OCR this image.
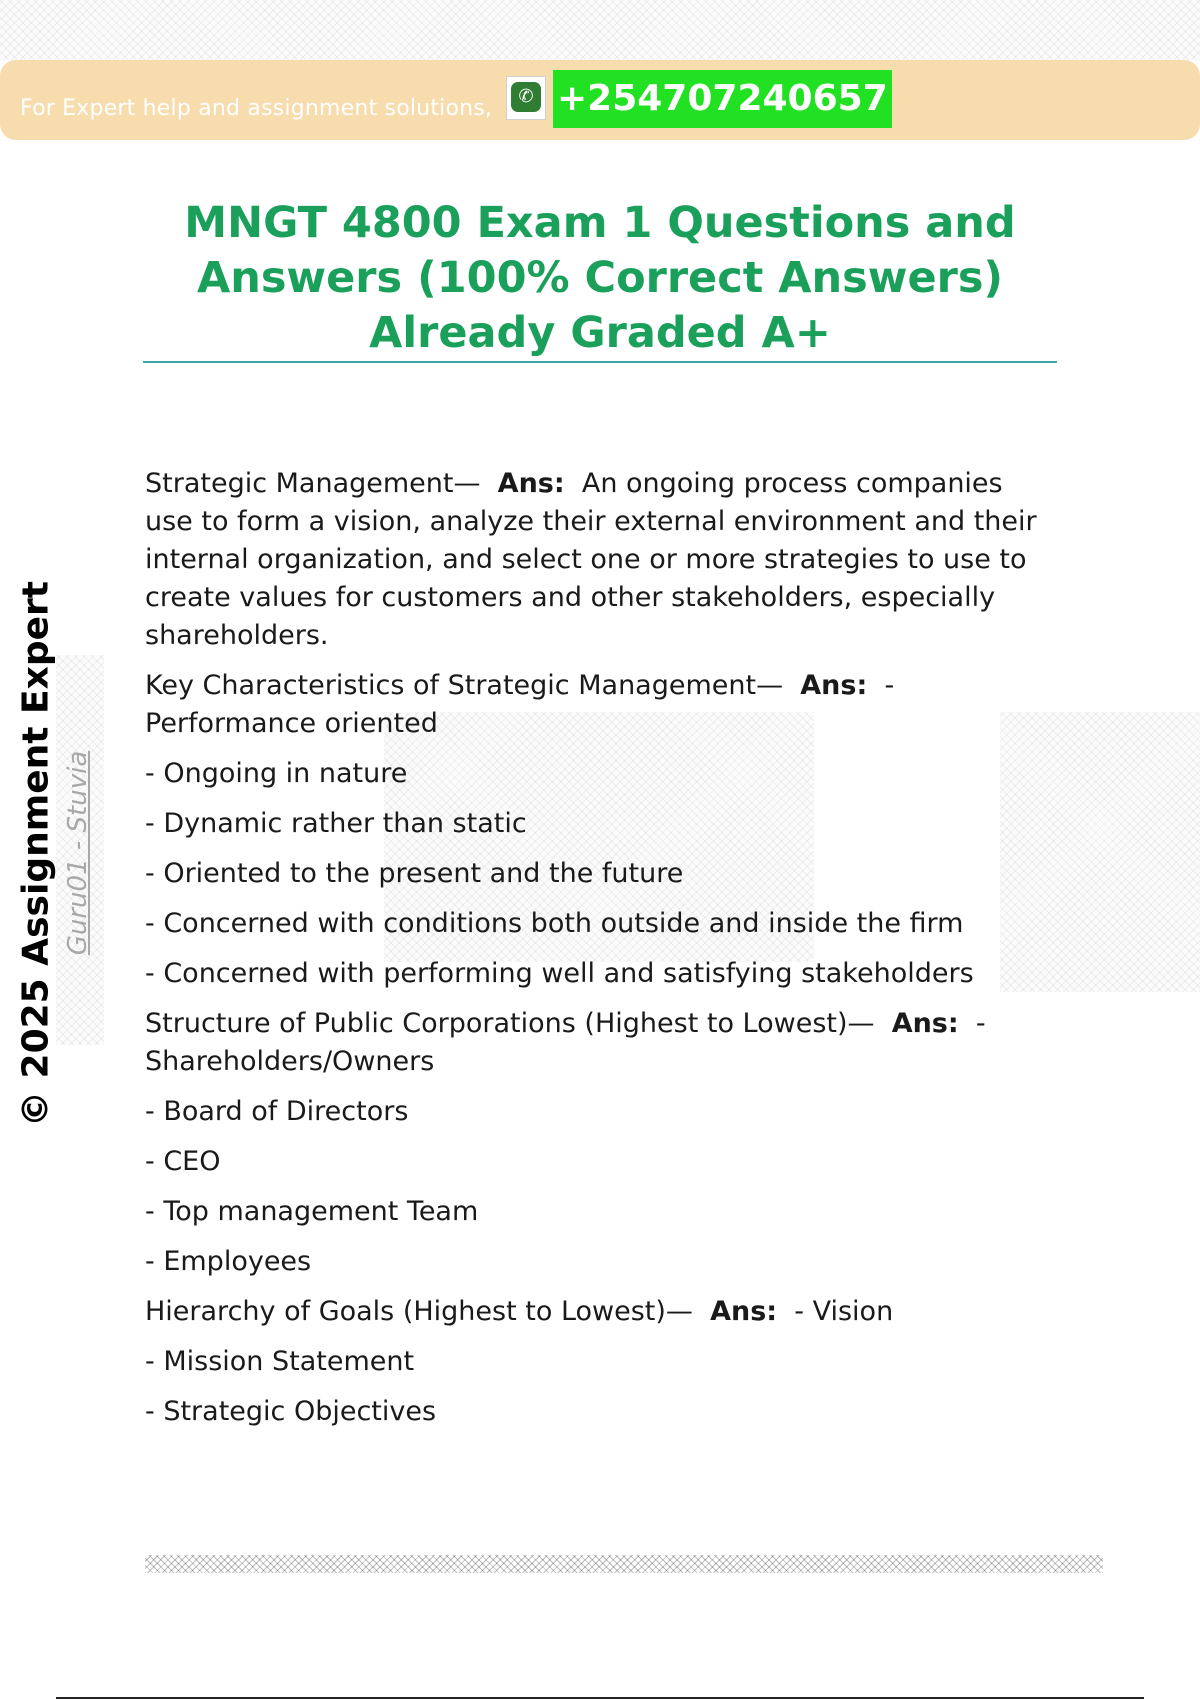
For Expert help and assignment solutions,	✆ +254707240657
MNGT 4800 Exam 1 Questions and Answers (100% Correct Answers) Already Graded A+
© 2025 Assignment Expert Guru01 - Stuvia

Strategic Management— Ans: An ongoing process companies use to form a vision, analyze their external environment and their internal organization, and select one or more strategies to use to create values for customers and other stakeholders, especially shareholders.

Key Characteristics of Strategic Management— Ans: - Performance oriented

- Ongoing in nature

- Dynamic rather than static

- Oriented to the present and the future

- Concerned with conditions both outside and inside the firm

- Concerned with performing well and satisfying stakeholders

Structure of Public Corporations (Highest to Lowest)— Ans: - Shareholders/Owners

- Board of Directors

- CEO

- Top management Team

- Employees

Hierarchy of Goals (Highest to Lowest)— Ans: - Vision

- Mission Statement

- Strategic Objectives
